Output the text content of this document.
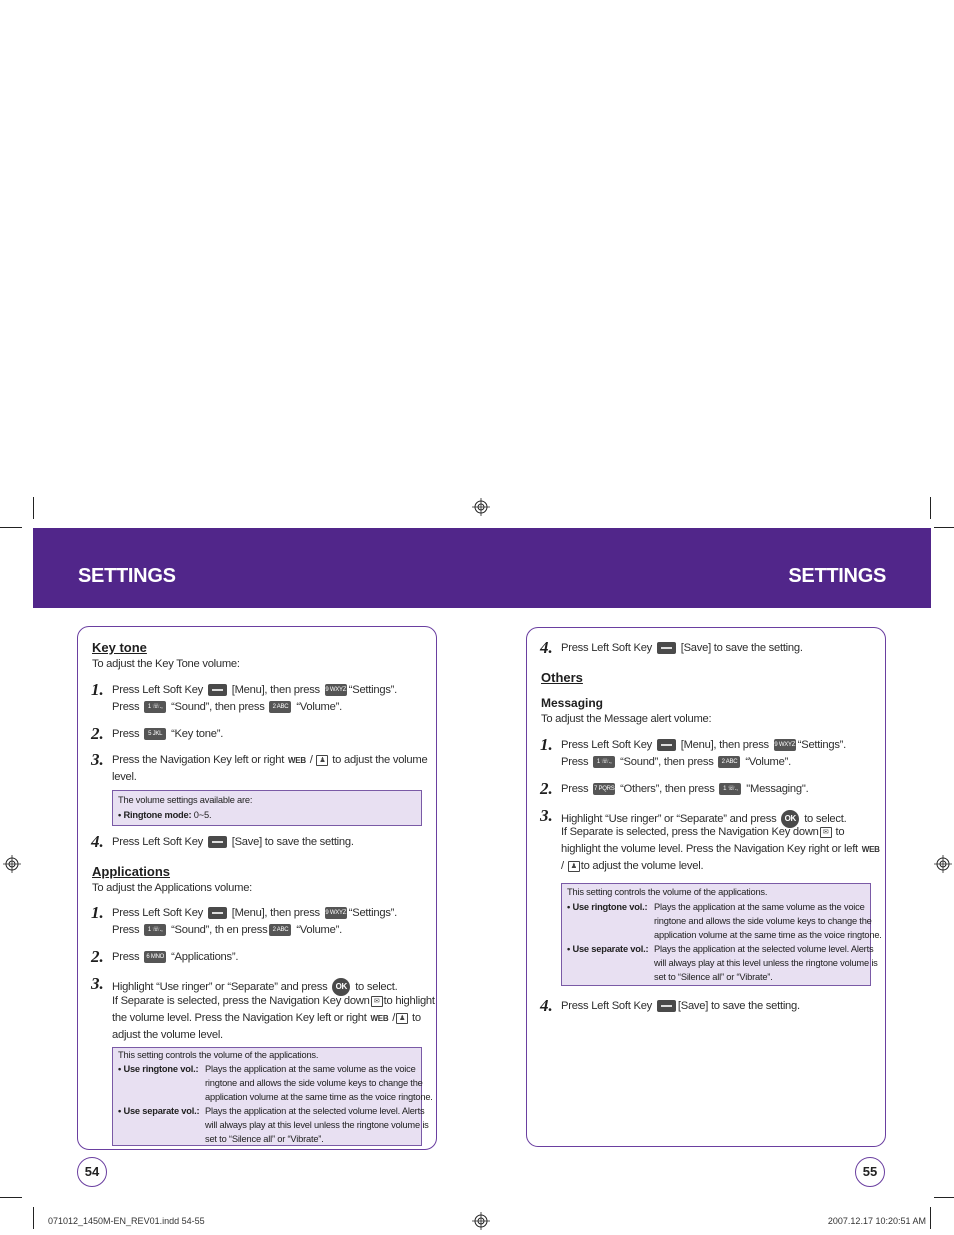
SETTINGS	SETTINGS
Key tone
To adjust the Key Tone volume:
1. Press Left Soft Key	[Menu], then press 9 WXYZ “Settings”.
Press 1 ☏., “Sound”, then press 2 ABC “Volume”.
2. Press 5 JKL “Key tone”.
3. Press the Navigation Key left or right WEB / ♟ to adjust the volume
level.
The volume settings available are:
• Ringtone mode: 0~5.
4. Press Left Soft Key	[Save] to save the setting.
Applications
To adjust the Applications volume:
1. Press Left Soft Key	[Menu], then press 9 WXYZ “Settings”.
Press 1 ☏., “Sound”, th en press 2 ABC “Volume”.
2. Press 6 MNO “Applications”.
3. Highlight “Use ringer” or “Separate” and press OK to select.
If Separate is selected, press the Navigation Key down ✉ to highlight
the volume level. Press the Navigation Key left or right WEB / ♟ to
adjust the volume level.
This setting controls the volume of the applications.
• Use ringtone vol.: Plays the application at the same volume as the voice
ringtone and allows the side volume keys to change the
application volume at the same time as the voice ringtone.
• Use separate vol.: Plays the application at the selected volume level. Alerts
will always play at this level unless the ringtone volume is
set to “Silence all” or “Vibrate”.
54
4. Press Left Soft Key	[Save] to save the setting.
Others
Messaging
To adjust the Message alert volume:
1. Press Left Soft Key	[Menu], then press 9 WXYZ “Settings”.
Press 1 ☏., “Sound”, then press 2 ABC “Volume”.
2. Press 7 PQRS “Others”, then press 1 ☏., "Messaging".
3. Highlight “Use ringer” or “Separate” and press OK to select.
If Separate is selected, press the Navigation Key down ✉ to
highlight the volume level. Press the Navigation Key right or left WEB
/ ♟ to adjust the volume level.
This setting controls the volume of the applications.
• Use ringtone vol.: Plays the application at the same volume as the voice
ringtone and allows the side volume keys to change the
application volume at the same time as the voice ringtone.
• Use separate vol.: Plays the application at the selected volume level. Alerts
will always play at this level unless the ringtone volume is
set to “Silence all” or “Vibrate”.
4. Press Left Soft Key [Save] to save the setting.
55
071012_1450M-EN_REV01.indd 54-55	2007.12.17 10:20:51 AM
